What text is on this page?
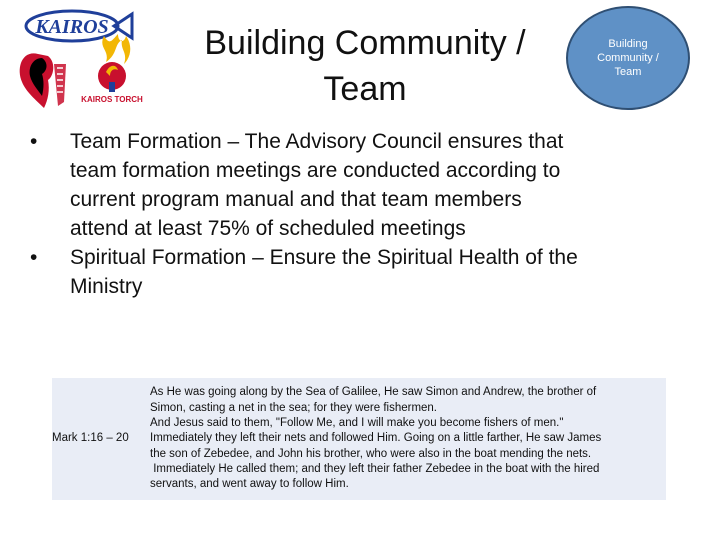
KAIROS
KAIROS TORCH
Building Community / Team
Building Community / Team
•	Team Formation – The Advisory Council ensures that
team formation meetings are conducted according to
current program manual and that team members
attend at least 75% of scheduled meetings
•	Spiritual Formation – Ensure the Spiritual Health of the
Ministry
Mark 1:16 – 20	
As He was going along by the Sea of Galilee, He saw Simon and Andrew, the brother of
Simon, casting a net in the sea; for they were fishermen.
And Jesus said to them, "Follow Me, and I will make you become fishers of men."
Immediately they left their nets and followed Him. Going on a little farther, He saw James
the son of Zebedee, and John his brother, who were also in the boat mending the nets.
Immediately He called them; and they left their father Zebedee in the boat with the hired
servants, and went away to follow Him.
